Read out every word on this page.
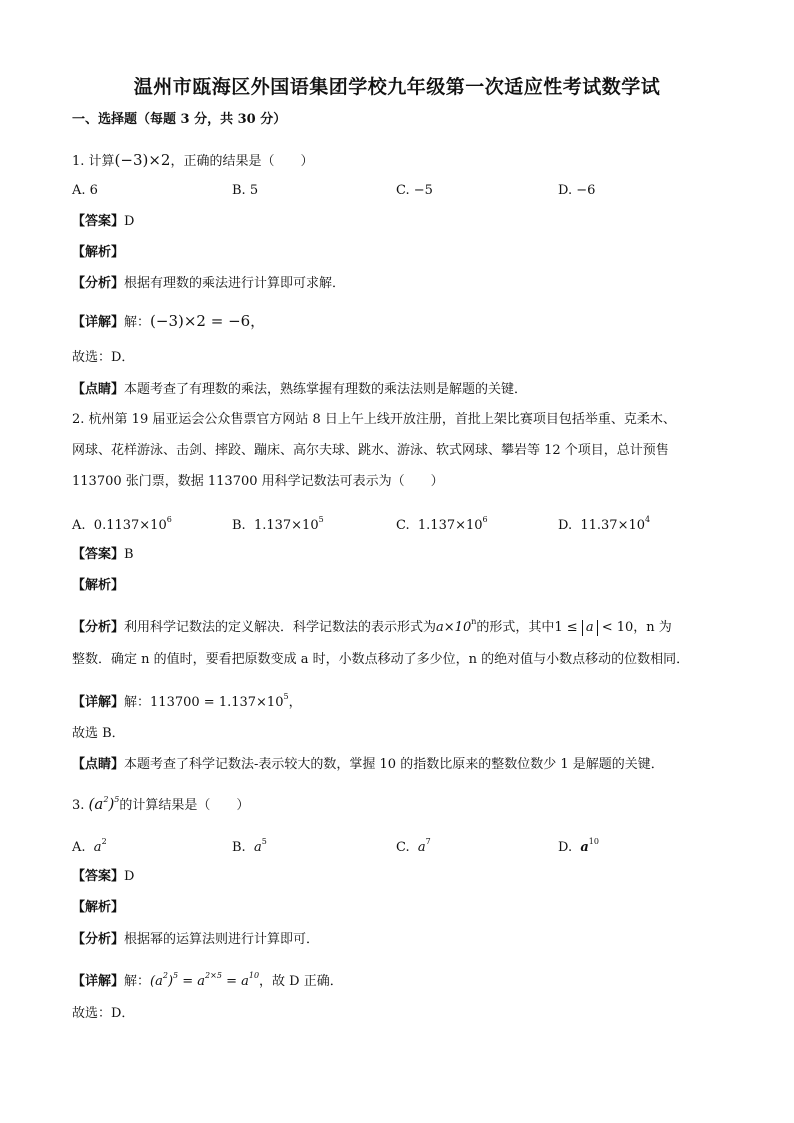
温州市瓯海区外国语集团学校九年级第一次适应性考试数学试
一、选择题（每题 3 分，共 30 分）
1. 计算(−3)×2，正确的结果是（　　）
A. 6	B. 5	C. −5	D. −6
【答案】D
【解析】
【分析】根据有理数的乘法进行计算即可求解．
【详解】解：(−3)×2 = −6，
故选：D．
【点睛】本题考查了有理数的乘法，熟练掌握有理数的乘法法则是解题的关键．
2. 杭州第 19 届亚运会公众售票官方网站 8 日上午上线开放注册，首批上架比赛项目包括举重、克柔木、
网球、花样游泳、击剑、摔跤、蹦床、高尔夫球、跳水、游泳、软式网球、攀岩等 12 个项目，总计预售
113700 张门票，数据 113700 用科学记数法可表示为（　　）
A. $0.1137\times 10^6$	B. $1.137\times 10^5$	C. $1.137\times 10^6$	D. $11.37\times 10^4$
【答案】B
【解析】
【分析】利用科学记数法的定义解决．科学记数法的表示形式为$a\times 10^n$的形式，其中1 ≤ a < 10，n 为
整数．确定 n 的值时，要看把原数变成 a 时，小数点移动了多少位，n 的绝对值与小数点移动的位数相同．
【详解】解：$113700 = 1.137\times 10^5$，
故选 B．
【点睛】本题考查了科学记数法-表示较大的数，掌握 10 的指数比原来的整数位数少 1 是解题的关键．
3. $(a^2)^5$的计算结果是（　　）
A. $a^2$	B. $a^5$	C. $a^7$	D. $a^{10}$
【答案】D
【解析】
【分析】根据幂的运算法则进行计算即可．
【详解】解：$(a^2)^5 = a^{2\times 5} = a^{10}$，故 D 正确．
故选：D．
